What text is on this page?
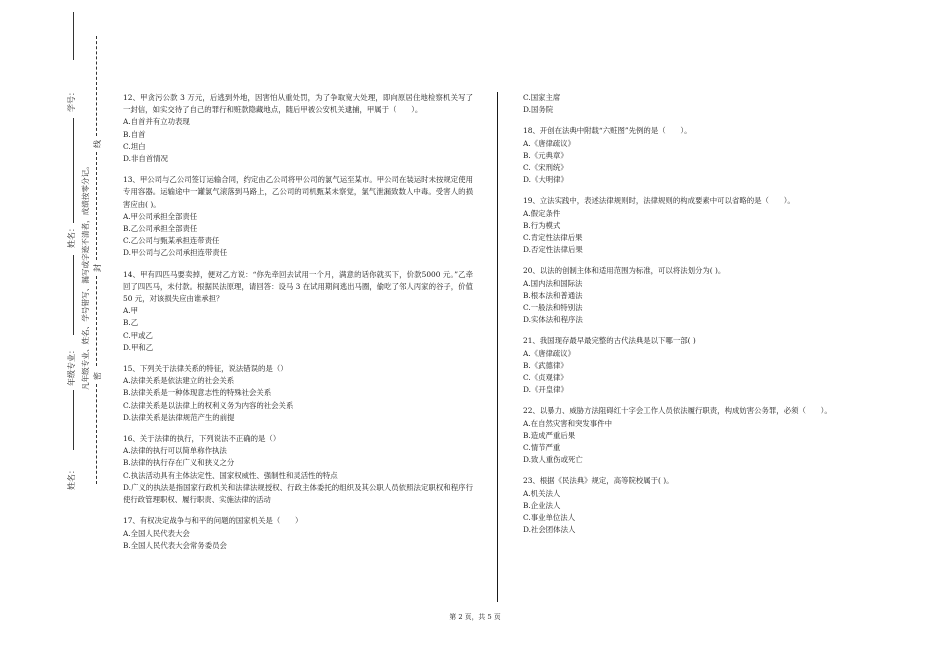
学号：
姓名：
年级专业： 凡年级专业、姓名、学号错写、漏写或字迹不清者，成绩按零分记。
线
封
密
姓名：
12、甲贪污公款 3 万元，后逃到外地，因害怕从重处罚，为了争取宽大处理，即向原居住地检察机关写了一封信，如实交待了自己的罪行和赃款隐藏地点，随后甲被公安机关逮捕，甲属于（　　）。
A.自首并有立功表现
B.自首
C.坦白
D.非自首情况
13、甲公司与乙公司签订运输合同，约定由乙公司将甲公司的氯气运至某市。甲公司在装运时未按规定使用专用容器。运输途中一罐氯气滚落到马路上，乙公司的司机甄某未察觉，氯气泄漏致数人中毒。受害人的损害应由( )。
A.甲公司承担全部责任
B.乙公司承担全部责任
C.乙公司与甄某承担连带责任
D.甲公司与乙公司承担连带责任
14、甲有四匹马要卖掉，便对乙方说：“你先牵回去试用一个月，满意的话你就买下，价款5000 元。”乙牵回了四匹马，未付款。根据民法原理，请回答：设马 3 在试用期间逃出马圈，偷吃了邻人丙家的谷子，价值 50 元，对该损失应由谁承担？
A.甲
B.乙
C.甲或乙
D.甲和乙
15、下列关于法律关系的特征，说法错误的是（）
A.法律关系是依法建立的社会关系
B.法律关系是一种体现意志性的特殊社会关系
C.法律关系是以法律上的权利义务为内容的社会关系
D.法律关系是法律规范产生的前提
16、关于法律的执行，下列说法不正确的是（）
A.法律的执行可以简单称作执法
B.法律的执行存在广义和狭义之分
C.执法活动具有主体法定性、国家权威性、强制性和灵活性的特点
D.广义的执法是指国家行政机关和法律法规授权、行政主体委托的组织及其公职人员依照法定职权和程序行使行政管理职权、履行职责、实施法律的活动
17、有权决定战争与和平的问题的国家机关是（　　）
A.全国人民代表大会
B.全国人民代表大会常务委员会
C.国家主席
D.国务院
18、开创在法典中附载“六赃图”先例的是（　　）。
A.《唐律疏议》
B.《元典章》
C.《宋刑统》
D.《大明律》
19、立法实践中，表述法律规则时，法律规则的构成要素中可以省略的是（　　）。
A.假定条件
B.行为模式
C.肯定性法律后果
D.否定性法律后果
20、以法的创制主体和适用范围为标准，可以将法划分为( )。
A.国内法和国际法
B.根本法和普通法
C.一般法和特别法
D.实体法和程序法
21、我国现存最早最完整的古代法典是以下哪一部( )
A.《唐律疏议》
B.《武德律》
C.《贞观律》
D.《开皇律》
22、以暴力、威胁方法阻碍红十字会工作人员依法履行职责，构成妨害公务罪，必须（　　）。
A.在自然灾害和突发事件中
B.造成严重后果
C.情节严重
D.致人重伤或死亡
23、根据《民法典》规定，高等院校属于( )。
A.机关法人
B.企业法人
C.事业单位法人
D.社会团体法人
第 2 页，共 5 页
